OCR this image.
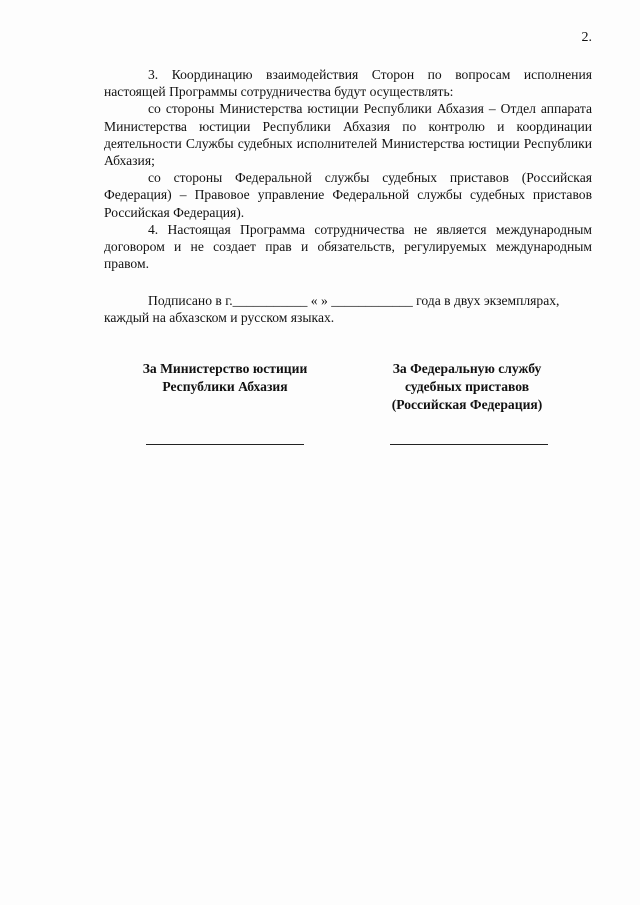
2.

3. Координацию взаимодействия Сторон по вопросам исполнения настоящей Программы сотрудничества будут осуществлять:

со стороны Министерства юстиции Республики Абхазия – Отдел аппарата Министерства юстиции Республики Абхазия по контролю и координации деятельности Службы судебных исполнителей Министерства юстиции Республики Абхазия;

со стороны Федеральной службы судебных приставов (Российская Федерация) – Правовое управление Федеральной службы судебных приставов Российская Федерация).

4. Настоящая Программа сотрудничества не является международным договором и не создает прав и обязательств, регулируемых международным правом.

Подписано в г.___________ « » ____________ года в двух экземплярах, каждый на абхазском и русском языках.

За Министерство юстиции
Республики Абхазия
За Федеральную службу
судебных приставов
(Российская Федерация)
